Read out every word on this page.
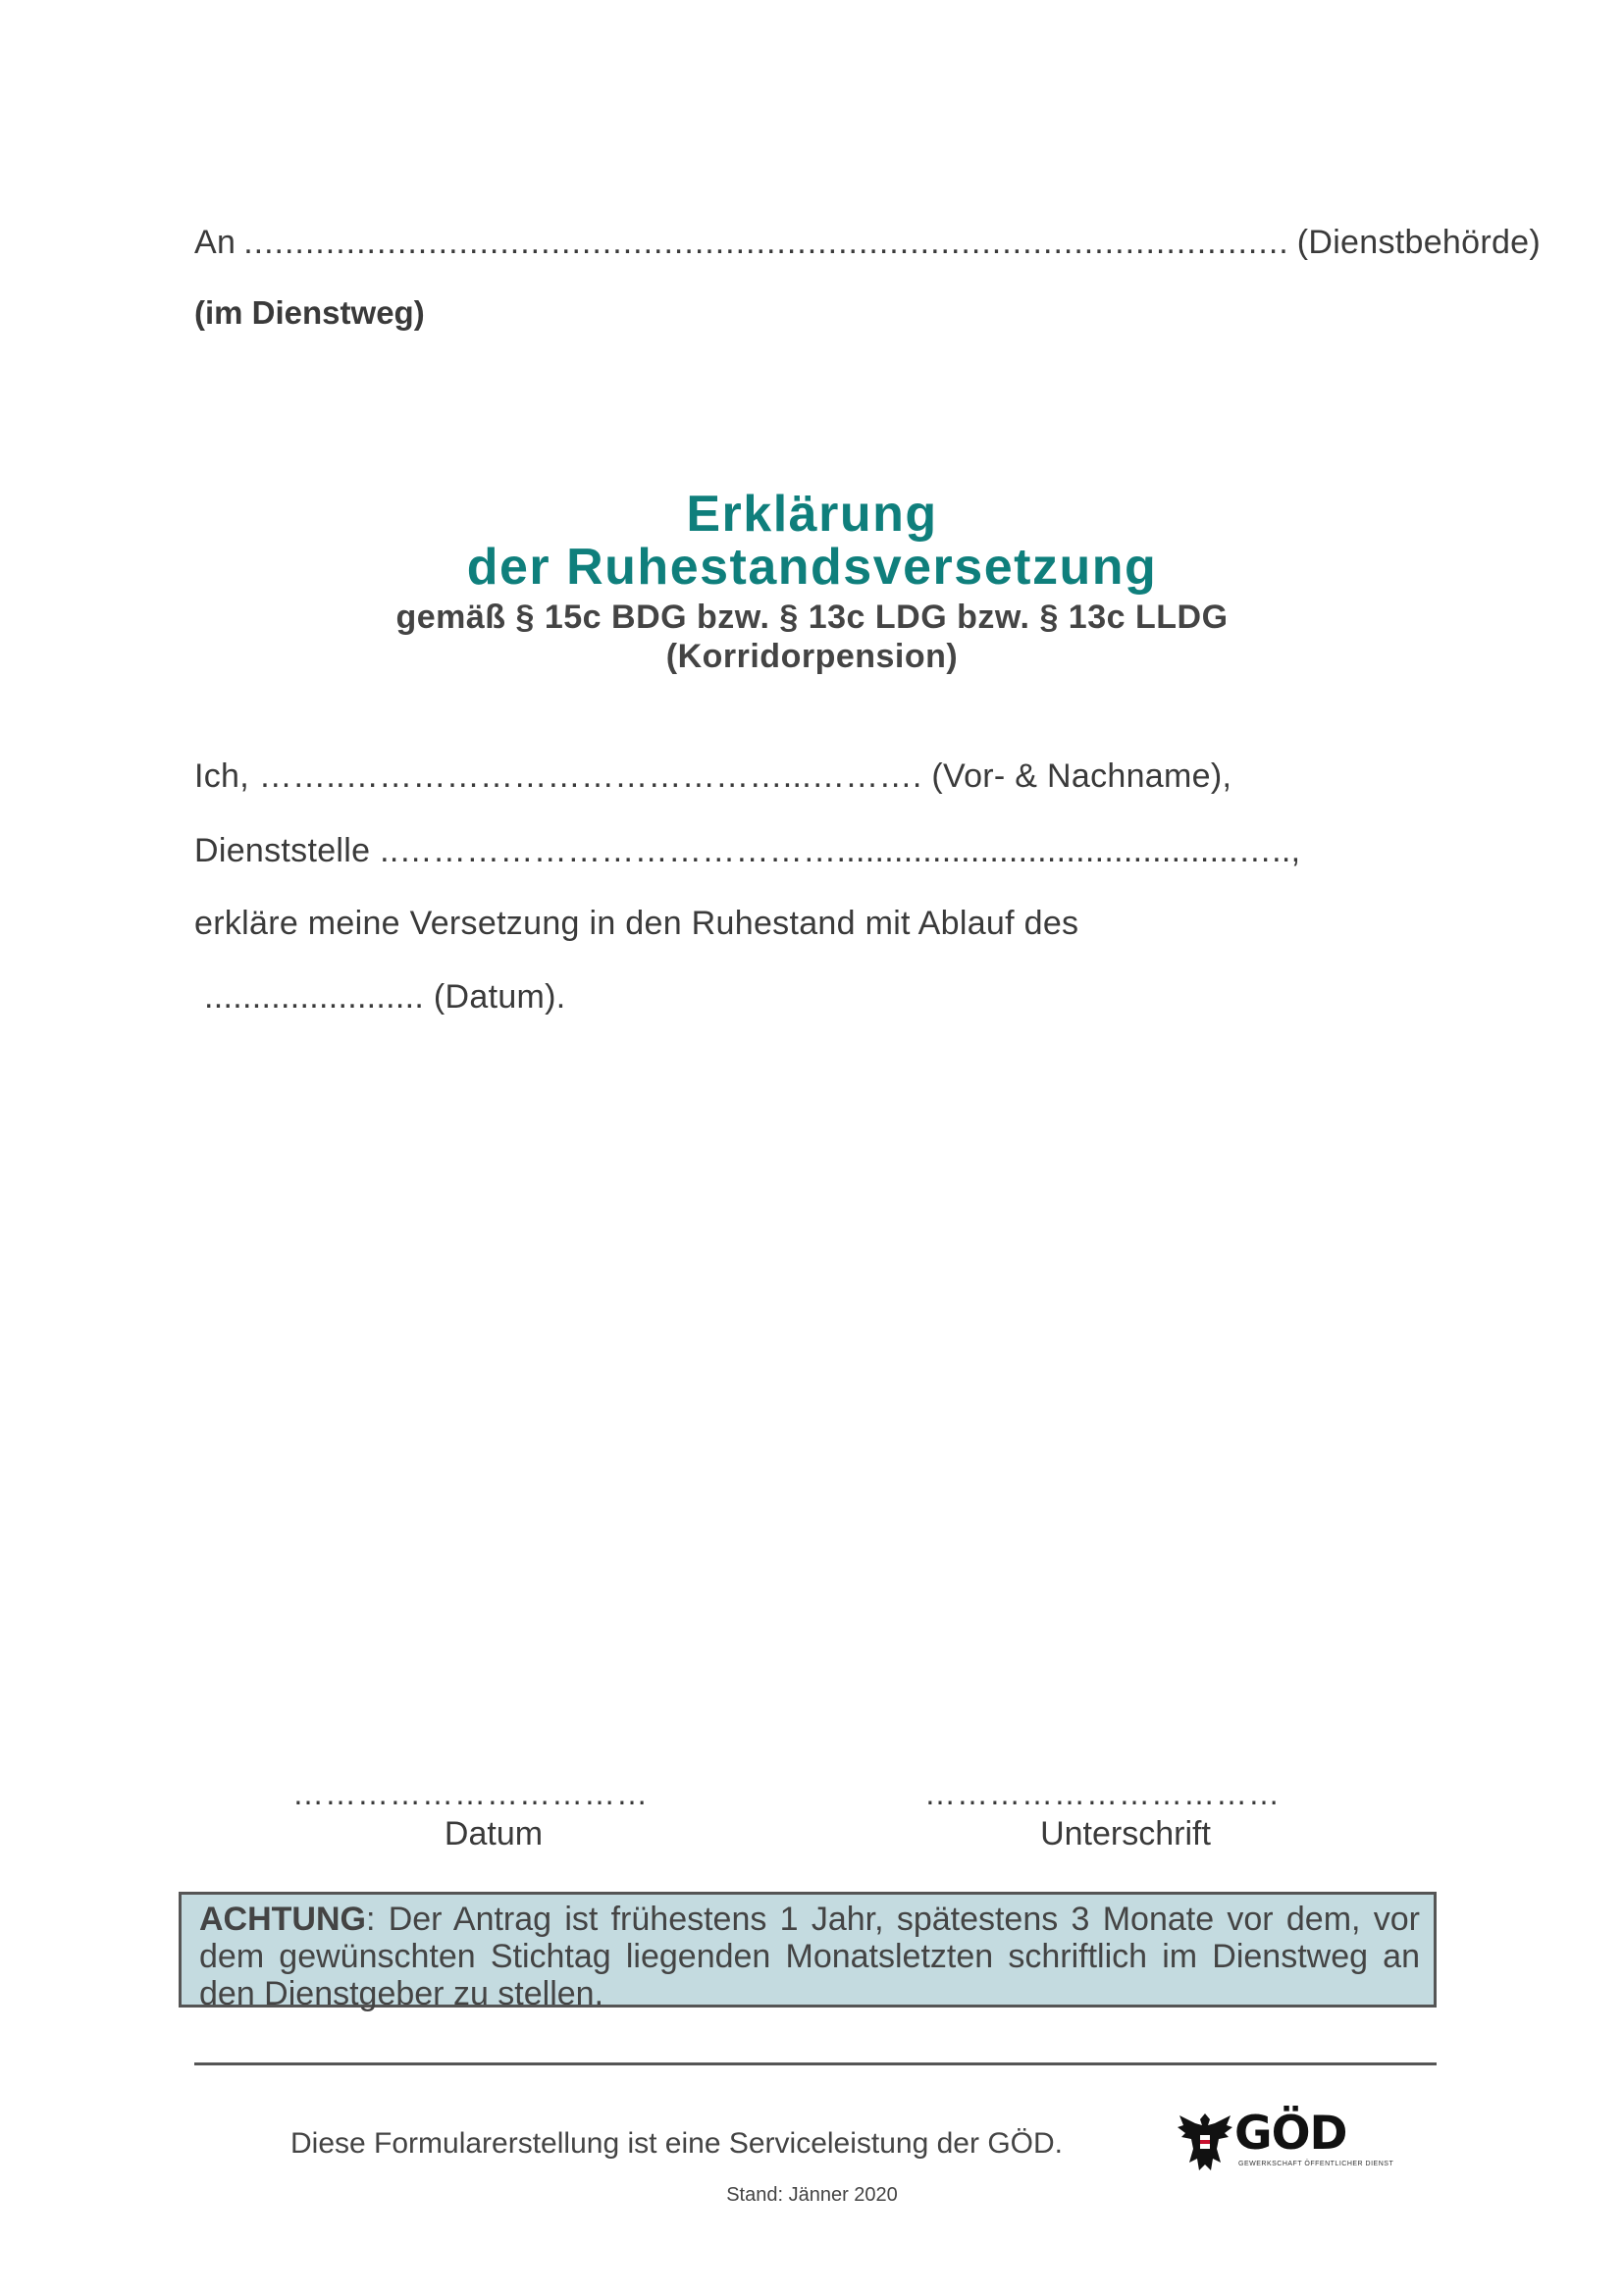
An ...................................................................................................... (Dienstbehörde)
(im Dienstweg)
Erklärung
der Ruhestandsversetzung
gemäß § 15c BDG bzw. § 13c LDG bzw. § 13c LLDG
(Korridorpension)
Ich, ……..…………………………………...………. (Vor- & Nachname),
Dienststelle ..…………………………………..........................................…..,
erkläre meine Versetzung in den Ruhestand mit Ablauf des
....................... (Datum).
……………………………	……………………………
Datum	Unterschrift
ACHTUNG: Der Antrag ist frühestens 1 Jahr, spätestens 3 Monate vor dem, vor dem gewünschten Stichtag liegenden Monatsletzten schriftlich im Dienstweg an den Dienstgeber zu stellen.
Diese Formularerstellung ist eine Serviceleistung der GÖD.	GÖD
GEWERKSCHAFT ÖFFENTLICHER DIENST
Stand: Jänner 2020
